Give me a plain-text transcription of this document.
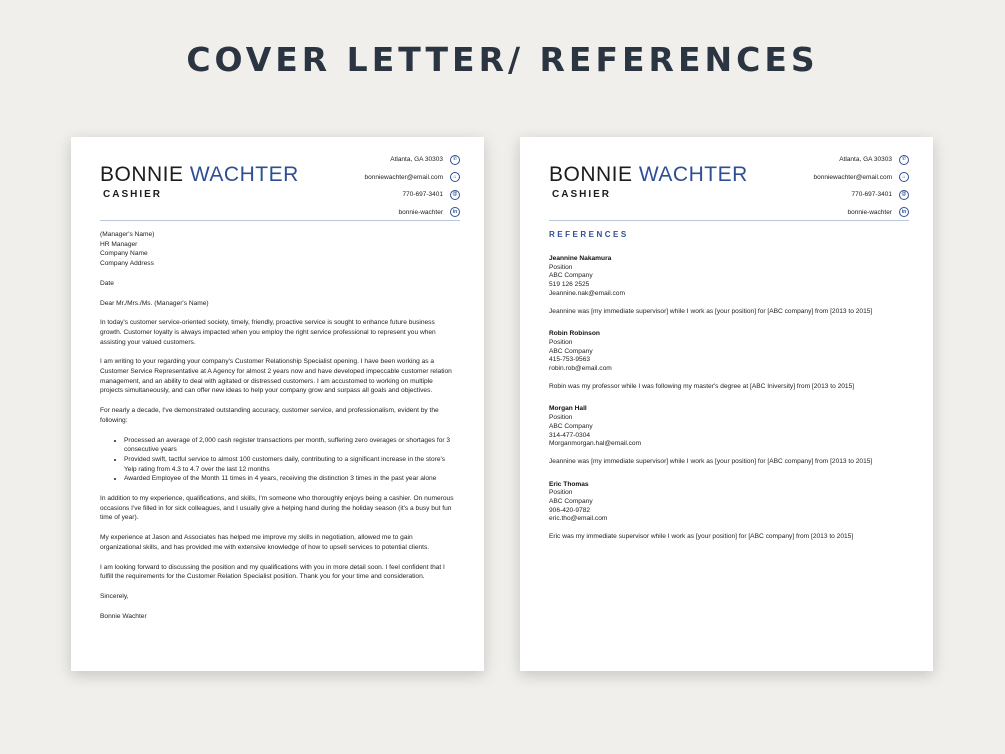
COVER LETTER/ REFERENCES
BONNIE WACHTER
CASHIER
Atlanta, GA 30303	✆
bonniewachter@email.com	⌂
770-697-3401	@
bonnie-wachter	in

(Manager's Name)
HR Manager
Company Name
Company Address

Date

Dear Mr./Mrs./Ms. (Manager's Name)

In today's customer service-oriented society, timely, friendly, proactive service is sought to enhance future business growth. Customer loyalty is always impacted when you employ the right service professional to represent you when assisting your valued customers.

I am writing to your regarding your company's Customer Relationship Specialist opening. I have been working as a Customer Service Representative at A Agency for almost 2 years now and have developed impeccable customer relation management, and an ability to deal with agitated or distressed customers. I am accustomed to working on multiple projects simultaneously, and can offer new ideas to help your company grow and surpass all goals and objectives.

For nearly a decade, I've demonstrated outstanding accuracy, customer service, and professionalism, evident by the following:

• Processed an average of 2,000 cash register transactions per month, suffering zero overages or shortages for 3 consecutive years
• Provided swift, tactful service to almost 100 customers daily, contributing to a significant increase in the store's Yelp rating from 4.3 to 4.7 over the last 12 months
• Awarded Employee of the Month 11 times in 4 years, receiving the distinction 3 times in the past year alone

In addition to my experience, qualifications, and skills, I'm someone who thoroughly enjoys being a cashier. On numerous occasions I've filled in for sick colleagues, and I usually give a helping hand during the holiday season (it's a busy but fun time of year).

My experience at Jason and Associates has helped me improve my skills in negotiation, allowed me to gain organizational skills, and has provided me with extensive knowledge of how to upsell services to potential clients.

I am looking forward to discussing the position and my qualifications with you in more detail soon. I feel confident that I fulfill the requirements for the Customer Relation Specialist position. Thank you for your time and consideration.

Sincerely,

Bonnie Wachter

BONNIE WACHTER
CASHIER
Atlanta, GA 30303	✆
bonniewachter@email.com	⌂
770-697-3401	@
bonnie-wachter	in
REFERENCES
Jeannine Nakamura
Position
ABC Company
519 126 2525
Jeannine.nak@email.com
Jeannine was [my immediate supervisor] while I work as [your position] for [ABC company] from [2013 to 2015]
Robin Robinson
Position
ABC Company
415-753-9563
robin.rob@email.com
Robin was my professor while I was following my master's degree at [ABC Iniversity] from [2013 to 2015]
Morgan Hall
Position
ABC Company
314-477-0304
Morganmorgan.hal@email.com
Jeannine was [my immediate supervisor] while I work as [your position] for [ABC company] from [2013 to 2015]
Eric Thomas
Position
ABC Company
906-420-9782
eric.tho@email.com
Eric was my immediate supervisor while I work as [your position] for [ABC company] from [2013 to 2015]
